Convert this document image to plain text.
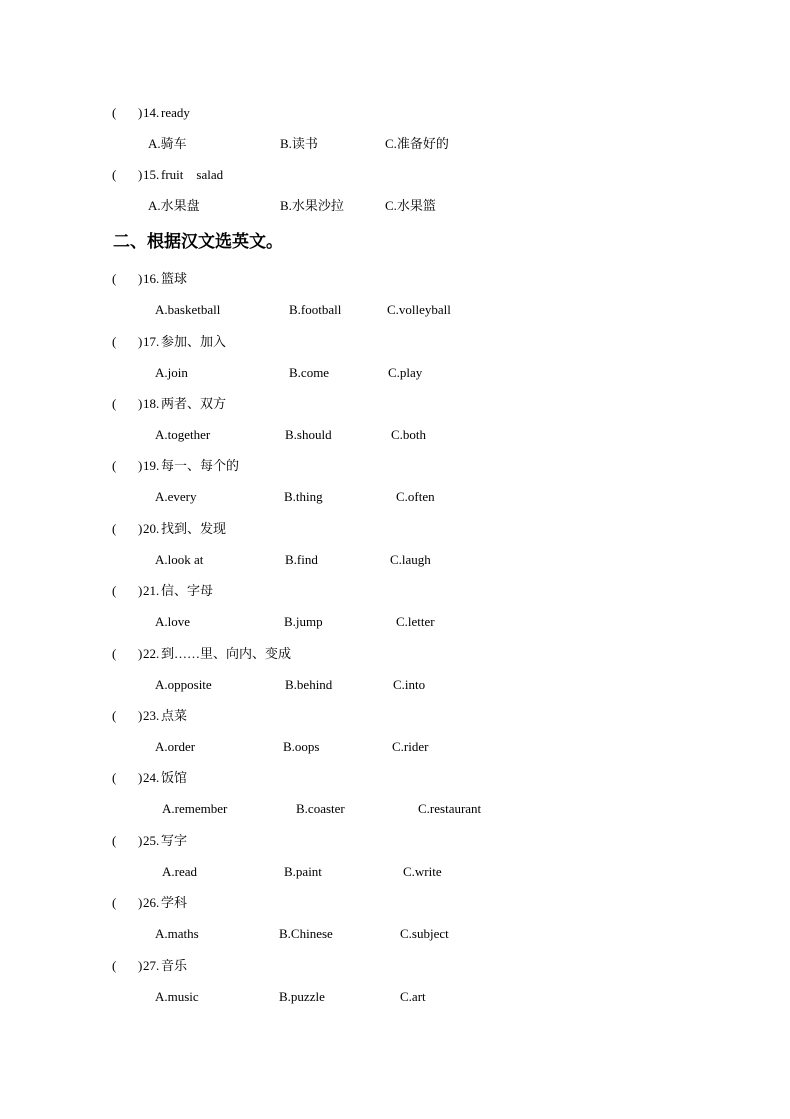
( ) 14. ready
A.骑车	B.读书	C.准备好的
( ) 15. fruit    salad
A.水果盘	B.水果沙拉	C.水果篮
二、根据汉文选英文。
( ) 16. 篮球
A.basketball	B.football	C.volleyball
( ) 17. 参加、加入
A.join	B.come	C.play
( ) 18. 两者、双方
A.together	B.should	C.both
( ) 19. 每一、每个的
A.every	B.thing	C.often
( ) 20. 找到、发现
A.look at	B.find	C.laugh
( ) 21. 信、字母
A.love	B.jump	C.letter
( ) 22. 到……里、向内、变成
A.opposite	B.behind	C.into
( ) 23. 点菜
A.order	B.oops	C.rider
( ) 24. 饭馆
A.remember	B.coaster	C.restaurant
( ) 25. 写字
A.read	B.paint	C.write
( ) 26. 学科
A.maths	B.Chinese	C.subject
( ) 27. 音乐
A.music	B.puzzle	C.art
